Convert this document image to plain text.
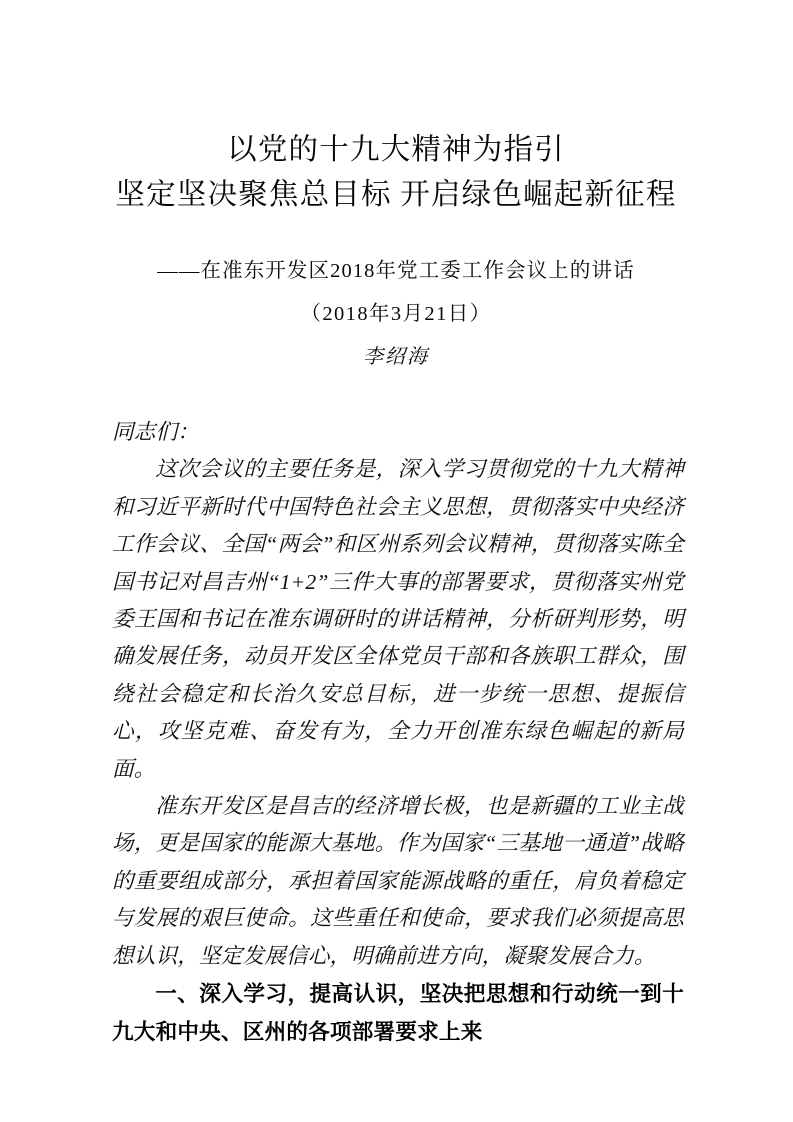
以党的十九大精神为指引
坚定坚决聚焦总目标 开启绿色崛起新征程
——在准东开发区2018年党工委工作会议上的讲话
（2018年3月21日）
李绍海

同志们：

这次会议的主要任务是，深入学习贯彻党的十九大精神和习近平新时代中国特色社会主义思想，贯彻落实中央经济工作会议、全国“两会”和区州系列会议精神，贯彻落实陈全国书记对昌吉州“1+2”三件大事的部署要求，贯彻落实州党委王国和书记在准东调研时的讲话精神，分析研判形势，明确发展任务，动员开发区全体党员干部和各族职工群众，围绕社会稳定和长治久安总目标，进一步统一思想、提振信心，攻坚克难、奋发有为，全力开创准东绿色崛起的新局面。

准东开发区是昌吉的经济增长极，也是新疆的工业主战场，更是国家的能源大基地。作为国家“三基地一通道”战略的重要组成部分，承担着国家能源战略的重任，肩负着稳定与发展的艰巨使命。这些重任和使命，要求我们必须提高思想认识，坚定发展信心，明确前进方向，凝聚发展合力。

一、深入学习，提高认识，坚决把思想和行动统一到十九大和中央、区州的各项部署要求上来
